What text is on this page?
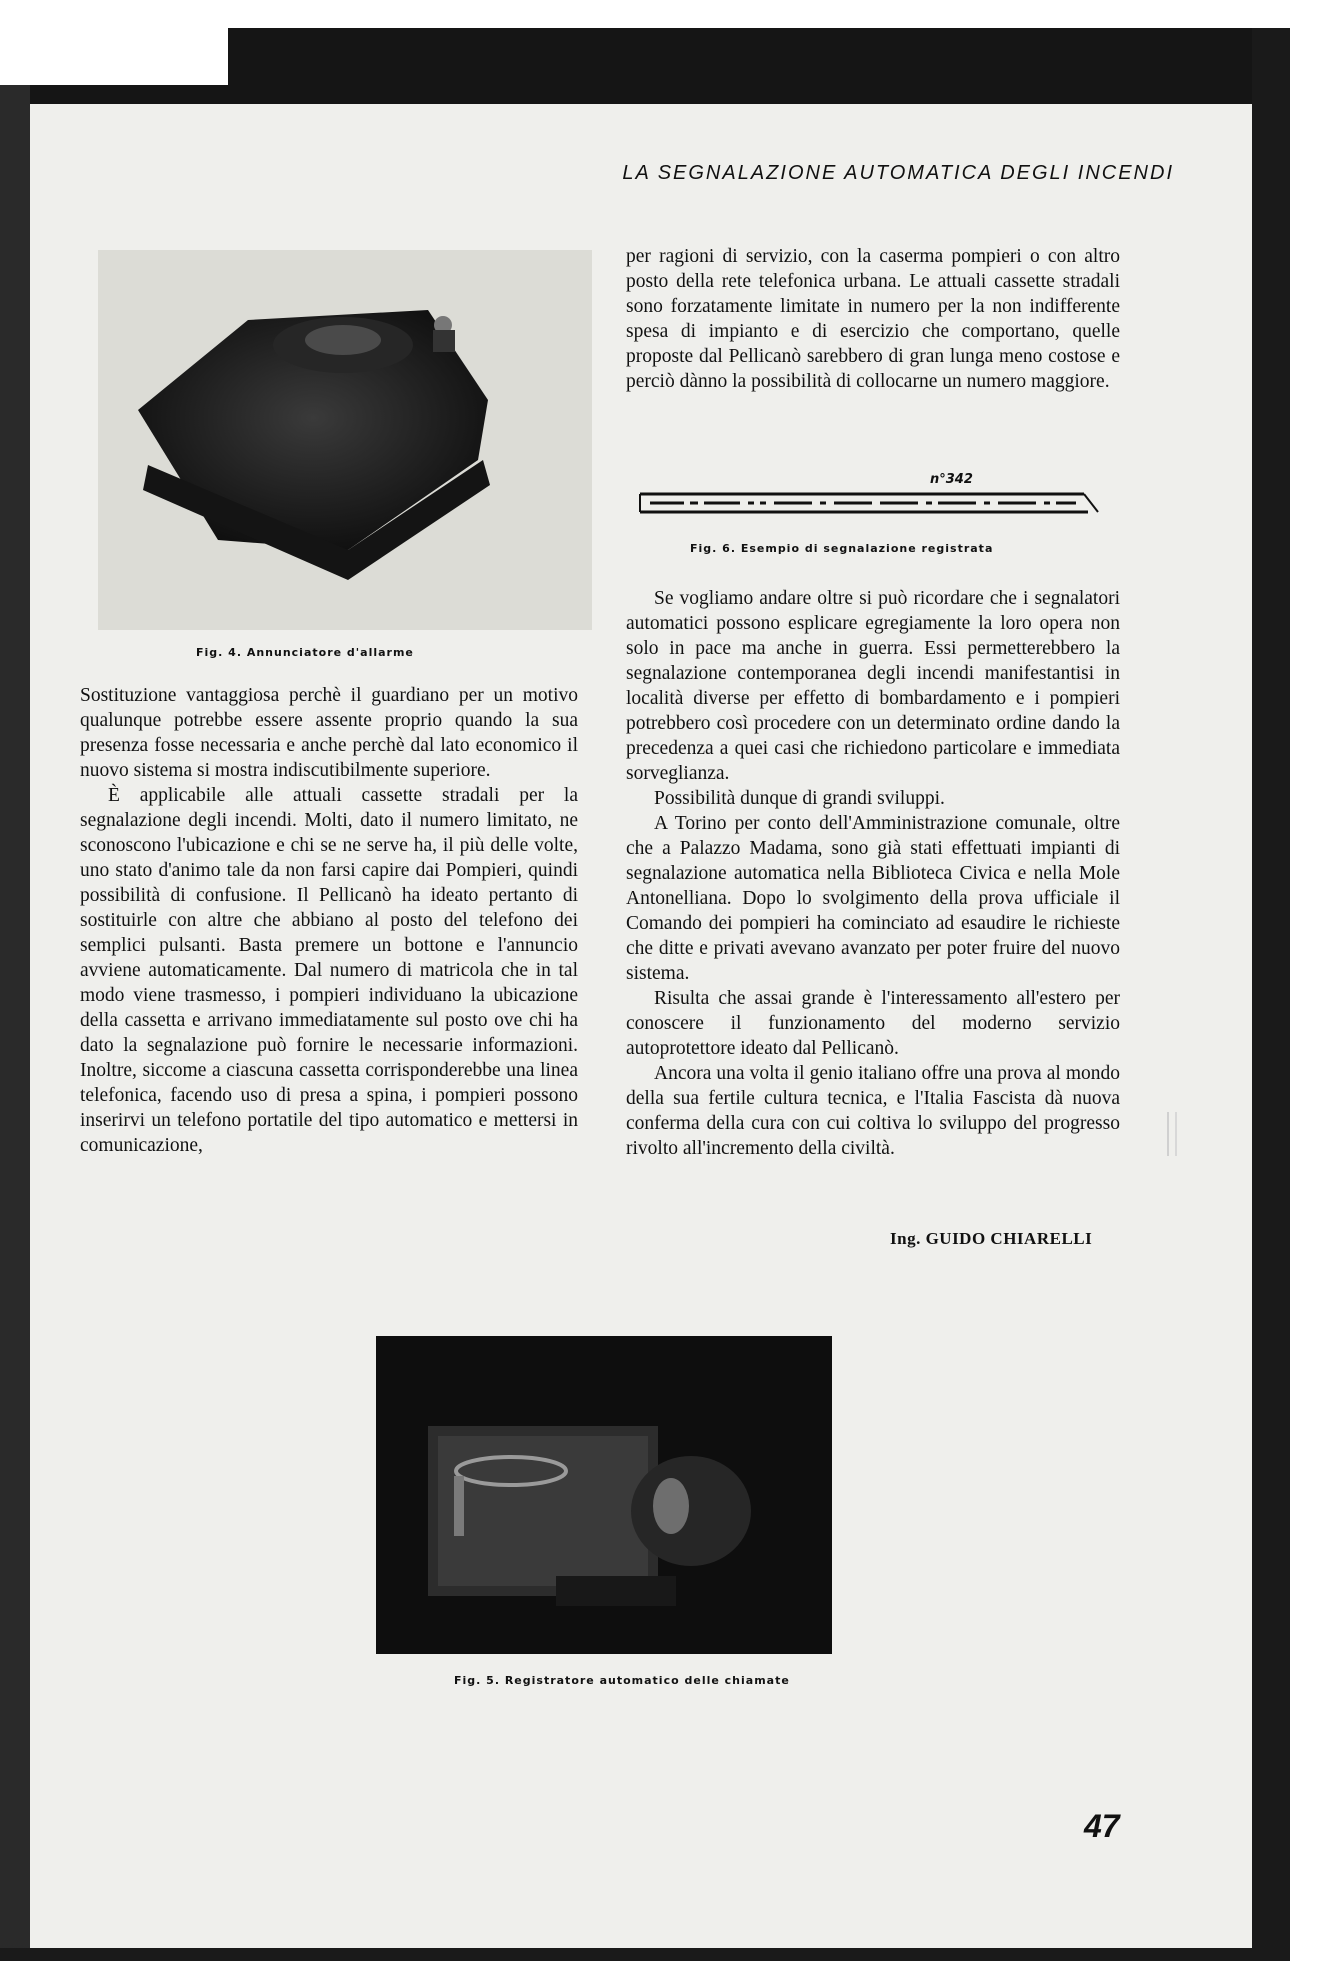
LA SEGNALAZIONE AUTOMATICA DEGLI INCENDI
Fig. 4. Annunciatore d'allarme

per ragioni di servizio, con la caserma pompieri o con altro posto della rete telefonica urbana. Le attuali cassette stradali sono forzatamente limitate in numero per la non indifferente spesa di impianto e di esercizio che comportano, quelle proposte dal Pellicanò sarebbero di gran lunga meno costose e perciò dànno la possibilità di collocarne un numero maggiore.

n°342
Fig. 6. Esempio di segnalazione registrata

Sostituzione vantaggiosa perchè il guardiano per un motivo qualunque potrebbe essere assente proprio quando la sua presenza fosse necessaria e anche perchè dal lato economico il nuovo sistema si mostra indiscutibilmente superiore.

È applicabile alle attuali cassette stradali per la segnalazione degli incendi. Molti, dato il numero limitato, ne sconoscono l'ubicazione e chi se ne serve ha, il più delle volte, uno stato d'animo tale da non farsi capire dai Pompieri, quindi possibilità di confusione. Il Pellicanò ha ideato pertanto di sostituirle con altre che abbiano al posto del telefono dei semplici pulsanti. Basta premere un bottone e l'annuncio avviene automaticamente. Dal numero di matricola che in tal modo viene trasmesso, i pompieri individuano la ubicazione della cassetta e arrivano immediatamente sul posto ove chi ha dato la segnalazione può fornire le necessarie informazioni. Inoltre, siccome a ciascuna cassetta corrisponderebbe una linea telefonica, facendo uso di presa a spina, i pompieri possono inserirvi un telefono portatile del tipo automatico e mettersi in comunicazione,

Se vogliamo andare oltre si può ricordare che i segnalatori automatici possono esplicare egregiamente la loro opera non solo in pace ma anche in guerra. Essi permetterebbero la segnalazione contemporanea degli incendi manifestantisi in località diverse per effetto di bombardamento e i pompieri potrebbero così procedere con un determinato ordine dando la precedenza a quei casi che richiedono particolare e immediata sorveglianza.

Possibilità dunque di grandi sviluppi.

A Torino per conto dell'Amministrazione comunale, oltre che a Palazzo Madama, sono già stati effettuati impianti di segnalazione automatica nella Biblioteca Civica e nella Mole Antonelliana. Dopo lo svolgimento della prova ufficiale il Comando dei pompieri ha cominciato ad esaudire le richieste che ditte e privati avevano avanzato per poter fruire del nuovo sistema.

Risulta che assai grande è l'interessamento all'estero per conoscere il funzionamento del moderno servizio autoprotettore ideato dal Pellicanò.

Ancora una volta il genio italiano offre una prova al mondo della sua fertile cultura tecnica, e l'Italia Fascista dà nuova conferma della cura con cui coltiva lo sviluppo del progresso rivolto all'incremento della civiltà.

Ing. GUIDO CHIARELLI
Fig. 5. Registratore automatico delle chiamate
47
